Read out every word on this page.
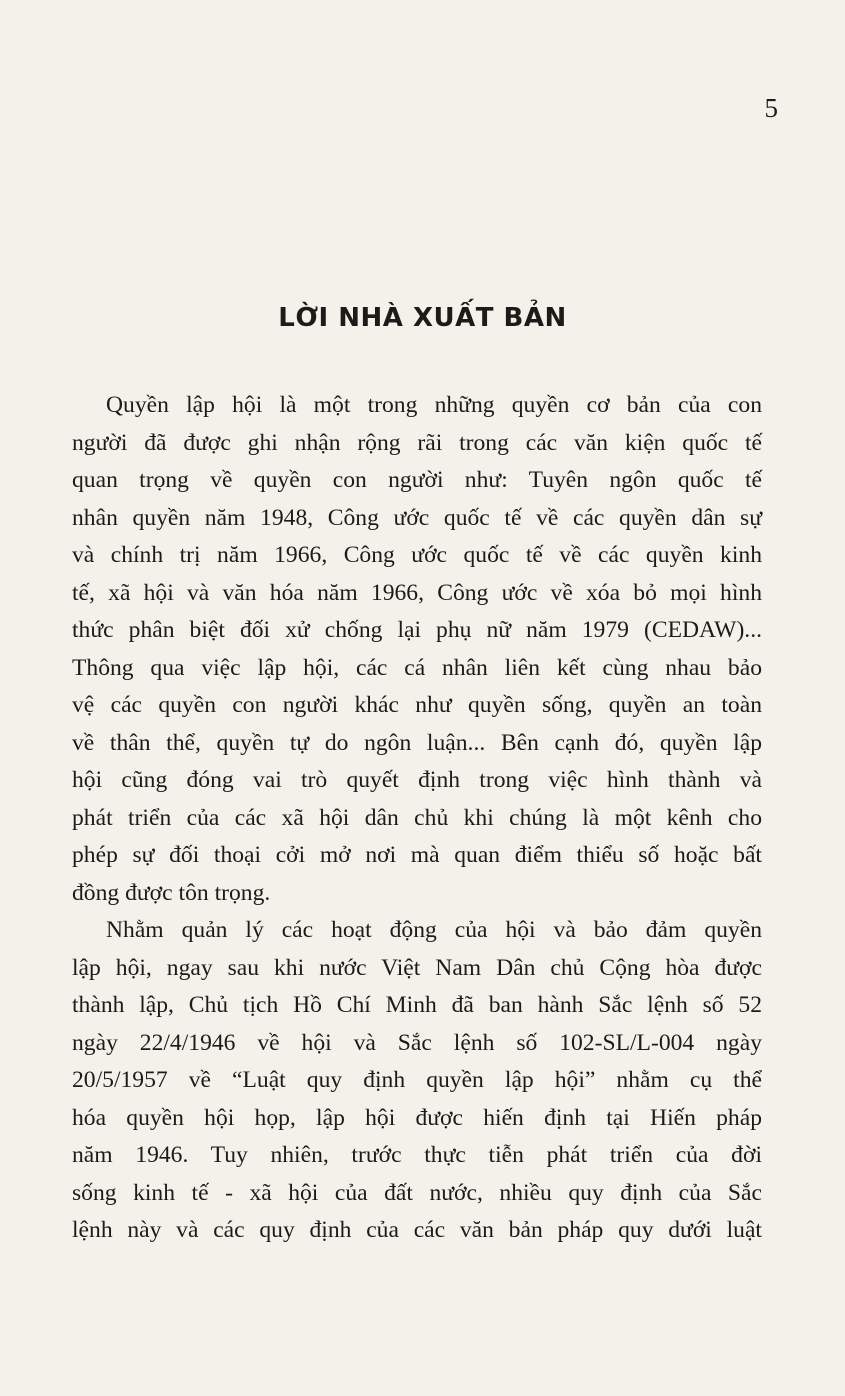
5
LỜI NHÀ XUẤT BẢN
Quyền lập hội là một trong những quyền cơ bản của con
người đã được ghi nhận rộng rãi trong các văn kiện quốc tế
quan trọng về quyền con người như: Tuyên ngôn quốc tế
nhân quyền năm 1948, Công ước quốc tế về các quyền dân sự
và chính trị năm 1966, Công ước quốc tế về các quyền kinh
tế, xã hội và văn hóa năm 1966, Công ước về xóa bỏ mọi hình
thức phân biệt đối xử chống lại phụ nữ năm 1979 (CEDAW)...
Thông qua việc lập hội, các cá nhân liên kết cùng nhau bảo
vệ các quyền con người khác như quyền sống, quyền an toàn
về thân thể, quyền tự do ngôn luận... Bên cạnh đó, quyền lập
hội cũng đóng vai trò quyết định trong việc hình thành và
phát triển của các xã hội dân chủ khi chúng là một kênh cho
phép sự đối thoại cởi mở nơi mà quan điểm thiểu số hoặc bất
đồng được tôn trọng.
Nhằm quản lý các hoạt động của hội và bảo đảm quyền
lập hội, ngay sau khi nước Việt Nam Dân chủ Cộng hòa được
thành lập, Chủ tịch Hồ Chí Minh đã ban hành Sắc lệnh số 52
ngày 22/4/1946 về hội và Sắc lệnh số 102-SL/L-004 ngày
20/5/1957 về “Luật quy định quyền lập hội” nhằm cụ thể
hóa quyền hội họp, lập hội được hiến định tại Hiến pháp
năm 1946. Tuy nhiên, trước thực tiễn phát triển của đời
sống kinh tế - xã hội của đất nước, nhiều quy định của Sắc
lệnh này và các quy định của các văn bản pháp quy dưới luật
